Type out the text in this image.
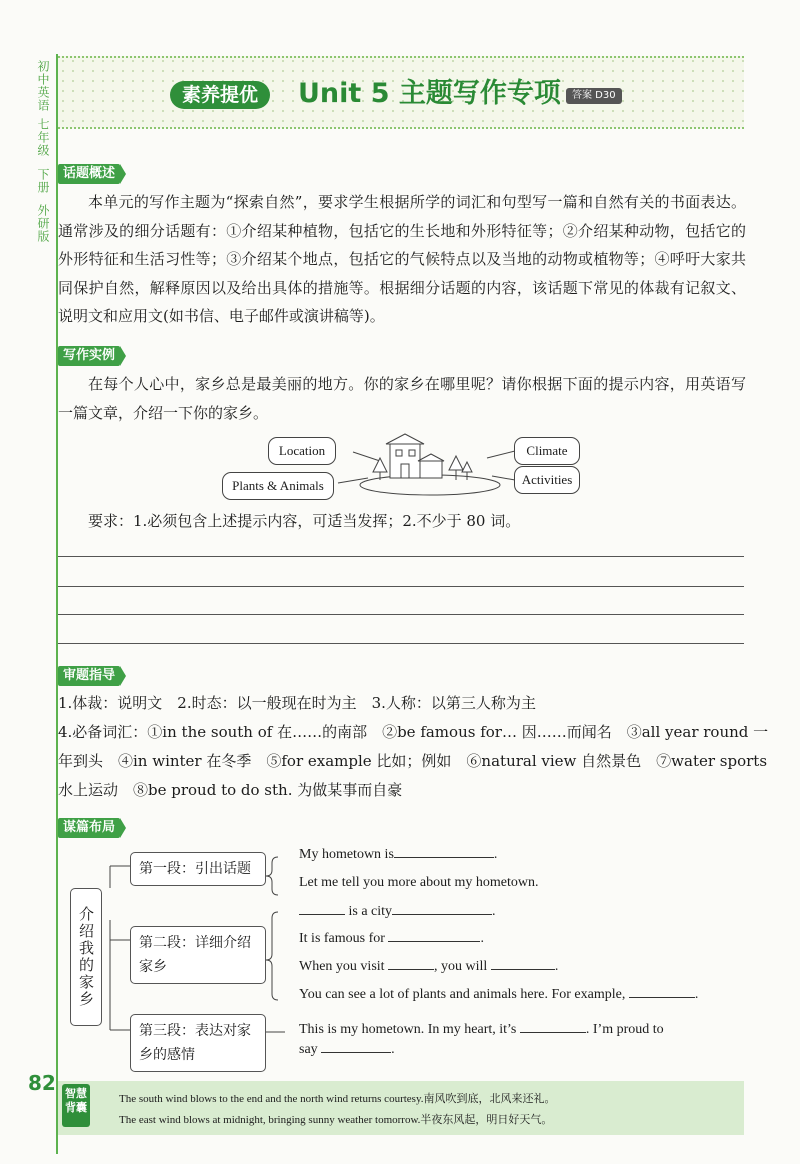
初中英语
七年级
下册
外研版
素养提优	Unit 5 主题写作专项	答案 D30
话题概述
本单元的写作主题为“探索自然”，要求学生根据所学的词汇和句型写一篇和自然有关的书面表达。通常涉及的细分话题有：①介绍某种植物，包括它的生长地和外形特征等；②介绍某种动物，包括它的外形特征和生活习性等；③介绍某个地点，包括它的气候特点以及当地的动物或植物等；④呼吁大家共同保护自然，解释原因以及给出具体的措施等。根据细分话题的内容，该话题下常见的体裁有记叙文、说明文和应用文(如书信、电子邮件或演讲稿等)。
写作实例
在每个人心中，家乡总是最美丽的地方。你的家乡在哪里呢？请你根据下面的提示内容，用英语写一篇文章，介绍一下你的家乡。
Location	Climate
Plants & Animals	Activities
要求：1.必须包含上述提示内容，可适当发挥；2.不少于 80 词。
审题指导
1.体裁：说明文　2.时态：以一般现在时为主　3.人称：以第三人称为主
4.必备词汇：①in the south of 在……的南部　②be famous for… 因……而闻名　③all year round 一
年到头　④in winter 在冬季　⑤for example 比如；例如　⑥natural view 自然景色　⑦water sports
水上运动　⑧be proud to do sth. 为做某事而自豪
谋篇布局
介绍我的家乡
第一段：引出话题
第二段：详细介绍家乡
第三段：表达对家乡的感情
My hometown is	.
Let me tell you more about my hometown.
is a city	.
It is famous for	.
When you visit	, you will	.
You can see a lot of plants and animals here. For example,	.
This is my hometown. In my heart, it’s	. I’m proud to
say	.
82 智慧背囊
The south wind blows to the end and the north wind returns courtesy.南风吹到底，北风来还礼。
The east wind blows at midnight, bringing sunny weather tomorrow.半夜东风起，明日好天气。
